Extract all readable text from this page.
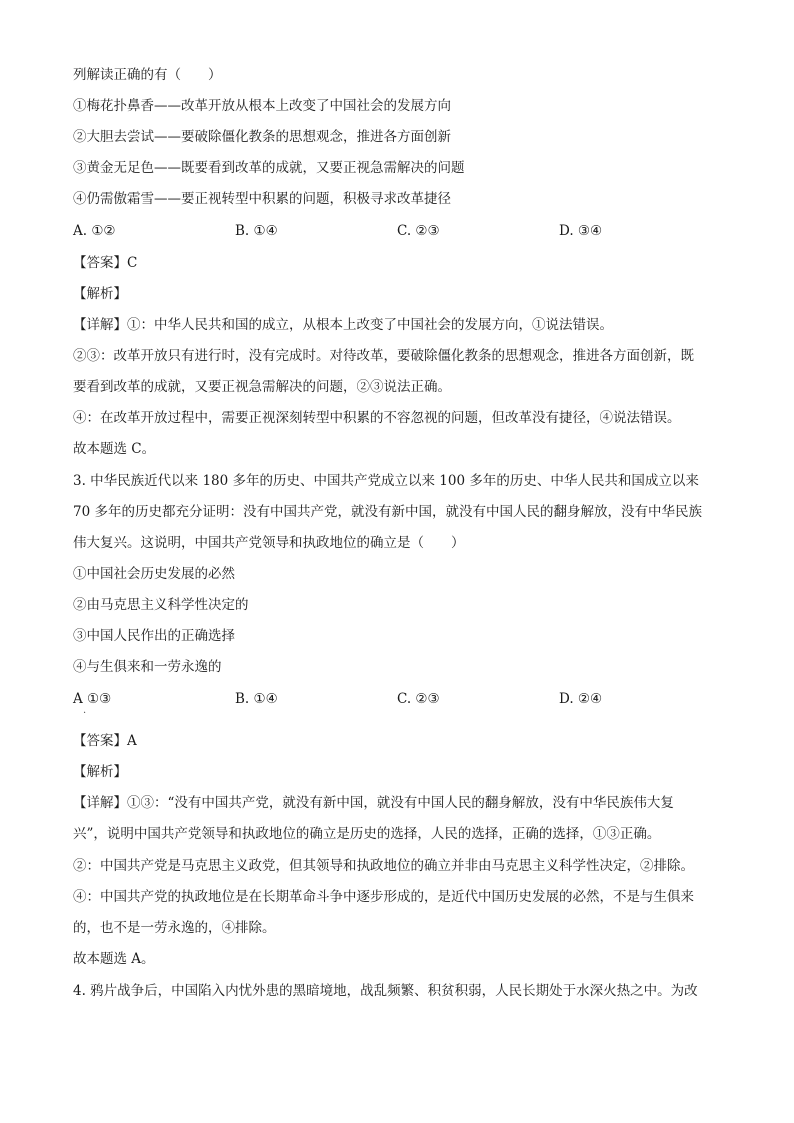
列解读正确的有（　　）
①梅花扑鼻香——改革开放从根本上改变了中国社会的发展方向
②大胆去尝试——要破除僵化教条的思想观念，推进各方面创新
③黄金无足色——既要看到改革的成就，又要正视急需解决的问题
④仍需傲霜雪——要正视转型中积累的问题，积极寻求改革捷径
A. ①②	B. ①④	C. ②③	D. ③④
【答案】C
【解析】
【详解】①：中华人民共和国的成立，从根本上改变了中国社会的发展方向，①说法错误。
②③：改革开放只有进行时，没有完成时。对待改革，要破除僵化教条的思想观念，推进各方面创新，既
要看到改革的成就，又要正视急需解决的问题，②③说法正确。
④：在改革开放过程中，需要正视深刻转型中积累的不容忽视的问题，但改革没有捷径，④说法错误。
故本题选 C。
3. 中华民族近代以来 180 多年的历史、中国共产党成立以来 100 多年的历史、中华人民共和国成立以来
70 多年的历史都充分证明：没有中国共产党，就没有新中国，就没有中国人民的翻身解放，没有中华民族
伟大复兴。这说明，中国共产党领导和执政地位的确立是（　　）
①中国社会历史发展的必然
②由马克思主义科学性决定的
③中国人民作出的正确选择
④与生俱来和一劳永逸的
A ①③	B. ①④	C. ②③	D. ②④
·
【答案】A
【解析】
【详解】①③：“没有中国共产党，就没有新中国，就没有中国人民的翻身解放，没有中华民族伟大复
兴”，说明中国共产党领导和执政地位的确立是历史的选择，人民的选择，正确的选择，①③正确。
②：中国共产党是马克思主义政党，但其领导和执政地位的确立并非由马克思主义科学性决定，②排除。
④：中国共产党的执政地位是在长期革命斗争中逐步形成的，是近代中国历史发展的必然，不是与生俱来
的，也不是一劳永逸的，④排除。
故本题选 A。
4. 鸦片战争后，中国陷入内忧外患的黑暗境地，战乱频繁、积贫积弱，人民长期处于水深火热之中。为改
